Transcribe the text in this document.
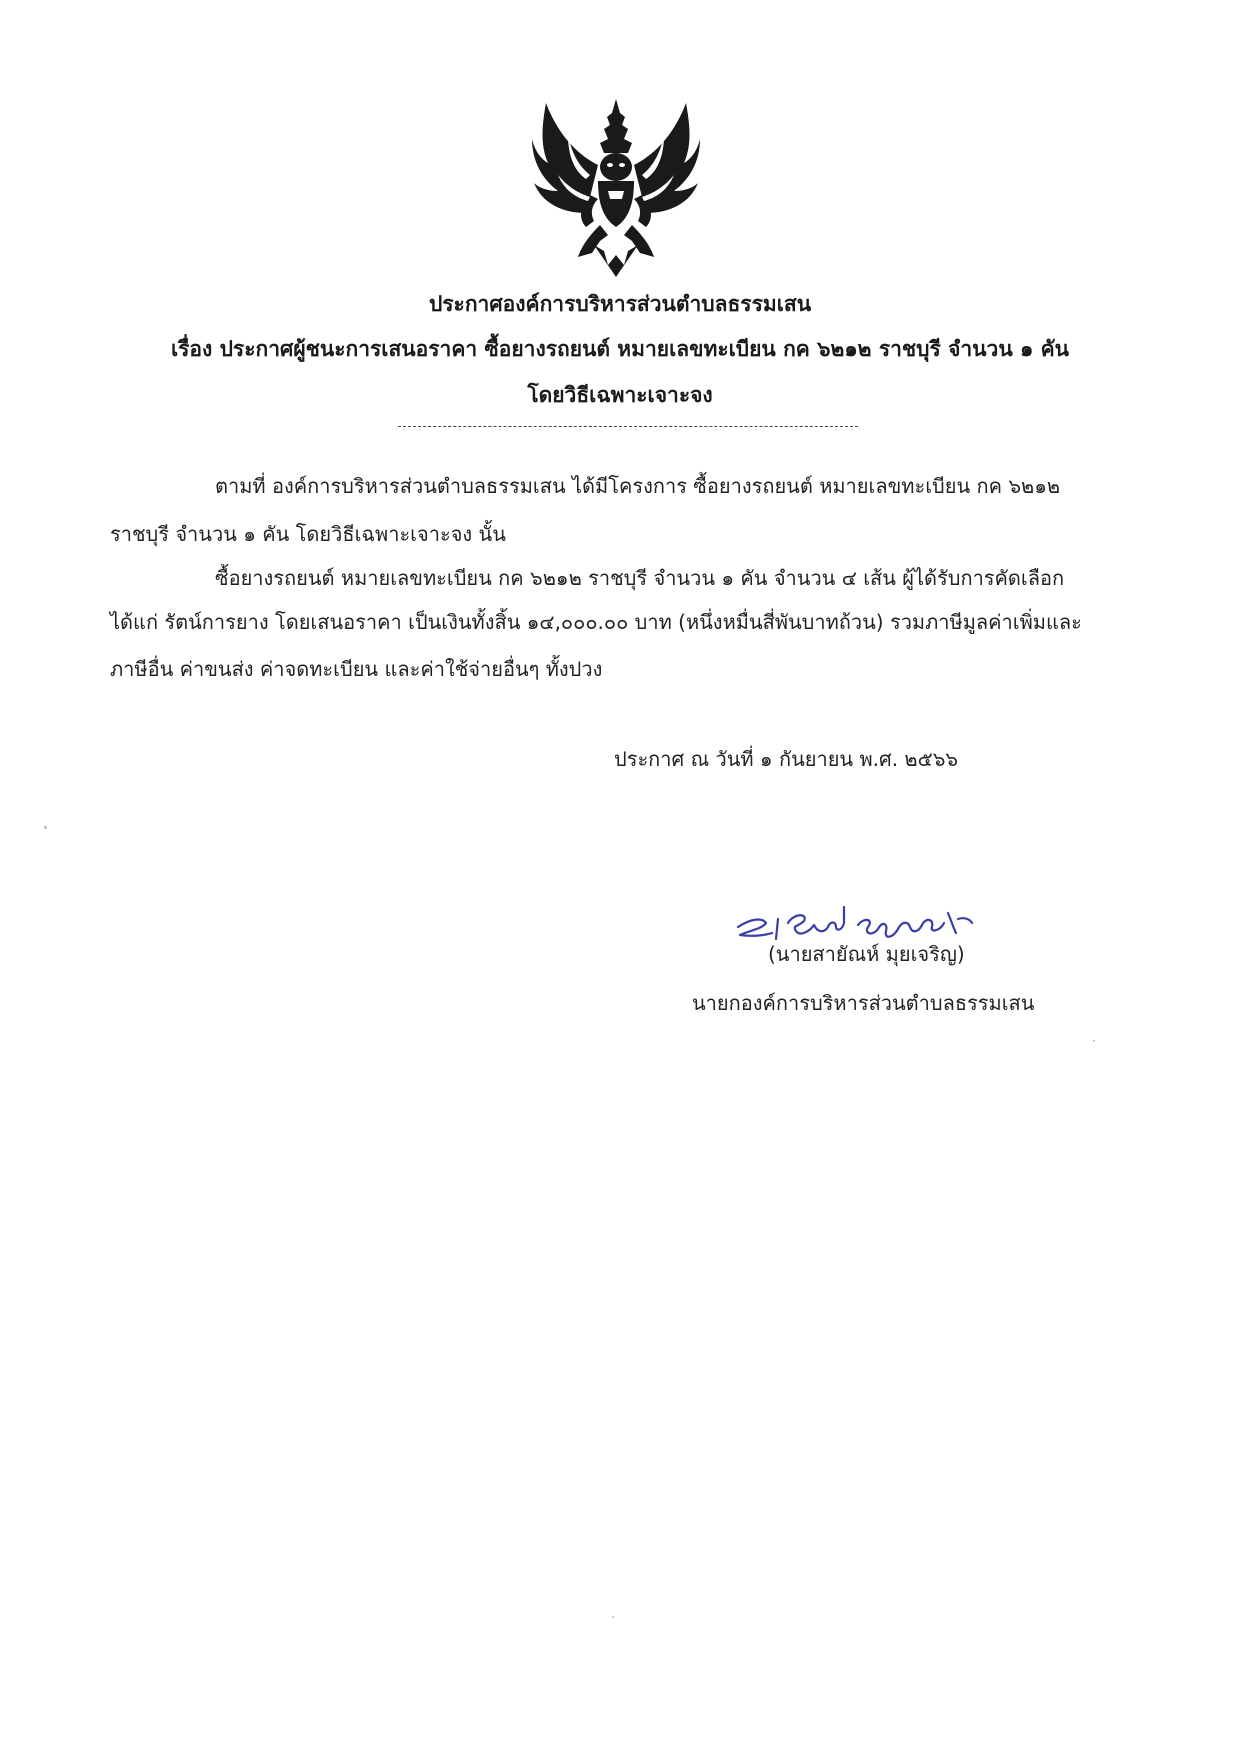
ประกาศองค์การบริหารส่วนตำบลธรรมเสน
เรื่อง ประกาศผู้ชนะการเสนอราคา ซื้อยางรถยนต์ หมายเลขทะเบียน กค ๖๒๑๒ ราชบุรี จำนวน ๑ คัน
โดยวิธีเฉพาะเจาะจง
ตามที่ องค์การบริหารส่วนตำบลธรรมเสน ได้มีโครงการ ซื้อยางรถยนต์ หมายเลขทะเบียน กค ๖๒๑๒
ราชบุรี จำนวน ๑ คัน โดยวิธีเฉพาะเจาะจง นั้น
ซื้อยางรถยนต์ หมายเลขทะเบียน กค ๖๒๑๒ ราชบุรี จำนวน ๑ คัน จำนวน ๔ เส้น ผู้ได้รับการคัดเลือก
ได้แก่ รัตน์การยาง โดยเสนอราคา เป็นเงินทั้งสิ้น ๑๔,๐๐๐.๐๐ บาท (หนึ่งหมื่นสี่พันบาทถ้วน) รวมภาษีมูลค่าเพิ่มและ
ภาษีอื่น ค่าขนส่ง ค่าจดทะเบียน และค่าใช้จ่ายอื่นๆ ทั้งปวง
ประกาศ ณ วันที่ ๑ กันยายน พ.ศ. ๒๕๖๖
(นายสายัณห์ มุยเจริญ)
นายกองค์การบริหารส่วนตำบลธรรมเสน
